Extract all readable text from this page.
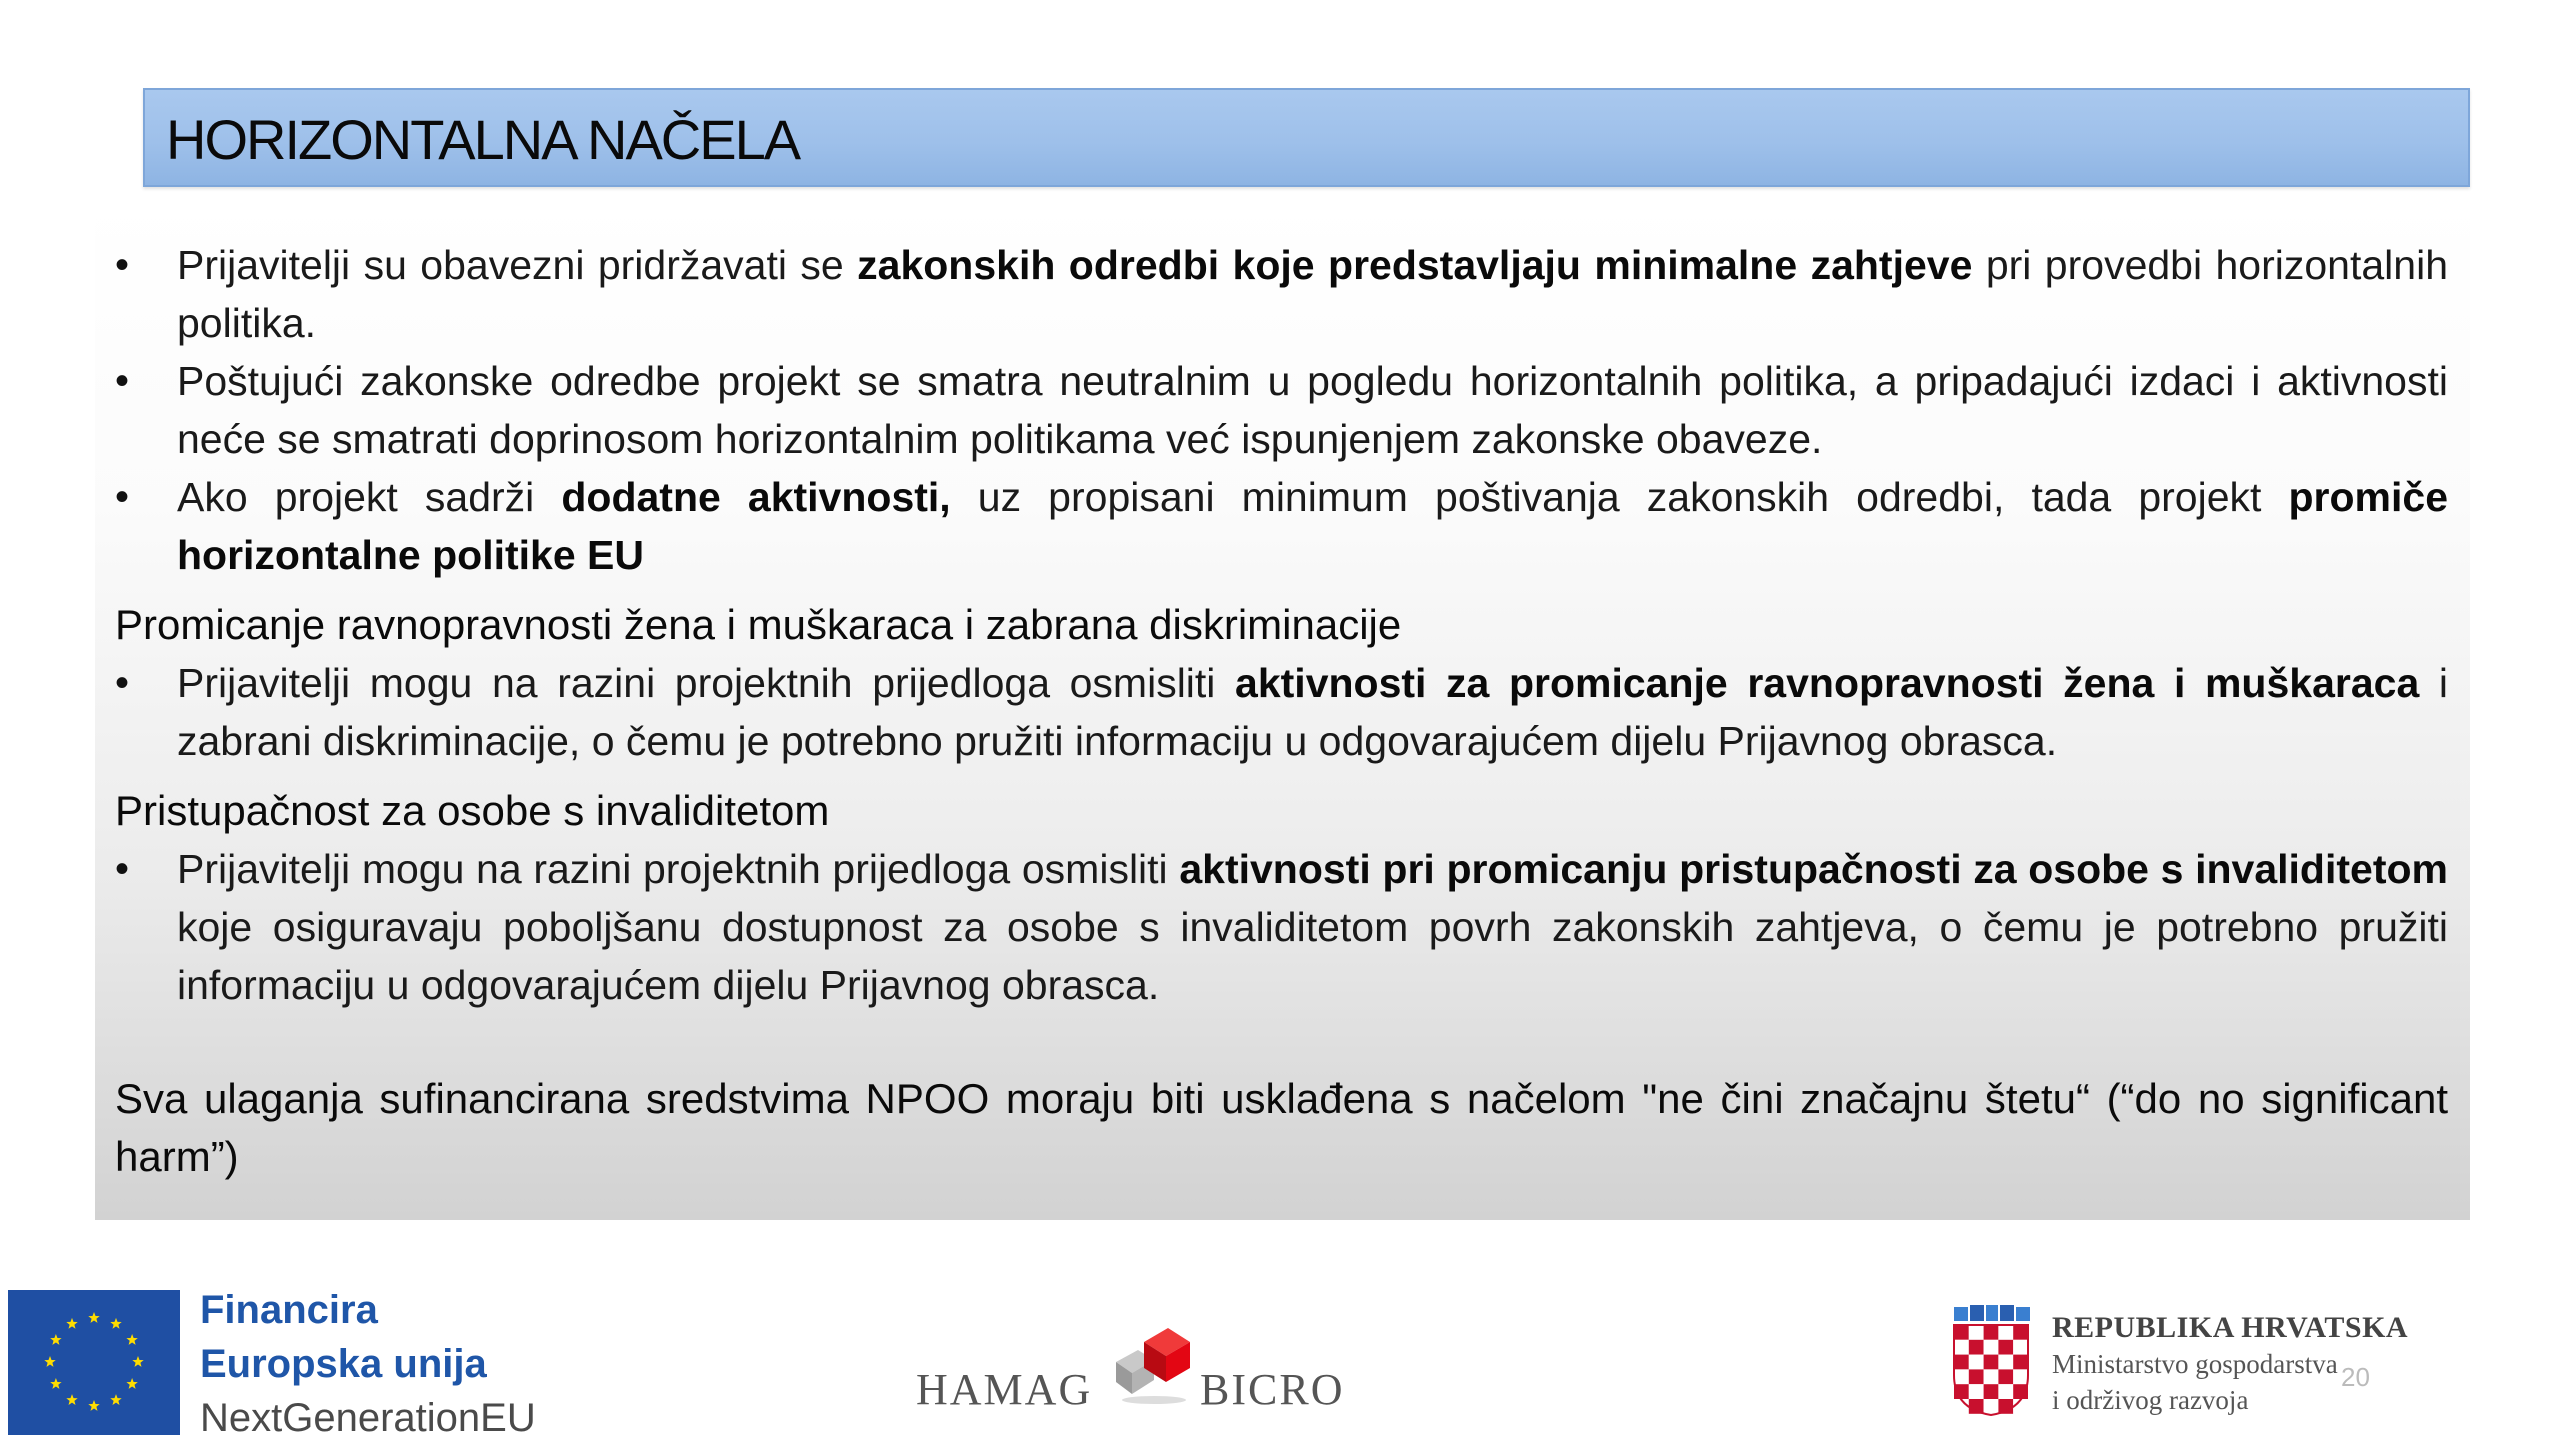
HORIZONTALNA NAČELA
• Prijavitelji su obavezni pridržavati se zakonskih odredbi koje predstavljaju minimalne zahtjeve pri provedbi horizontalnih politika.
• Poštujući zakonske odredbe projekt se smatra neutralnim u pogledu horizontalnih politika, a pripadajući izdaci i aktivnosti neće se smatrati doprinosom horizontalnim politikama već ispunjenjem zakonske obaveze.
• Ako projekt sadrži dodatne aktivnosti, uz propisani minimum poštivanja zakonskih odredbi, tada projekt promiče horizontalne politike EU
Promicanje ravnopravnosti žena i muškaraca i zabrana diskriminacije
• Prijavitelji mogu na razini projektnih prijedloga osmisliti aktivnosti za promicanje ravnopravnosti žena i muškaraca i zabrani diskriminacije, o čemu je potrebno pružiti informaciju u odgovarajućem dijelu Prijavnog obrasca.
Pristupačnost za osobe s invaliditetom
• Prijavitelji mogu na razini projektnih prijedloga osmisliti aktivnosti pri promicanju pristupačnosti za osobe s invaliditetom koje osiguravaju poboljšanu dostupnost za osobe s invaliditetom povrh zakonskih zahtjeva, o čemu je potrebno pružiti informaciju u odgovarajućem dijelu Prijavnog obrasca.
Sva ulaganja sufinancirana sredstvima NPOO moraju biti usklađena s načelom "ne čini značajnu štetu“ (“do no significant harm”)
Financira
Europska unija
NextGenerationEU
HAMAG BICRO
REPUBLIKA HRVATSKA
Ministarstvo gospodarstva
i održivog razvoja
20
